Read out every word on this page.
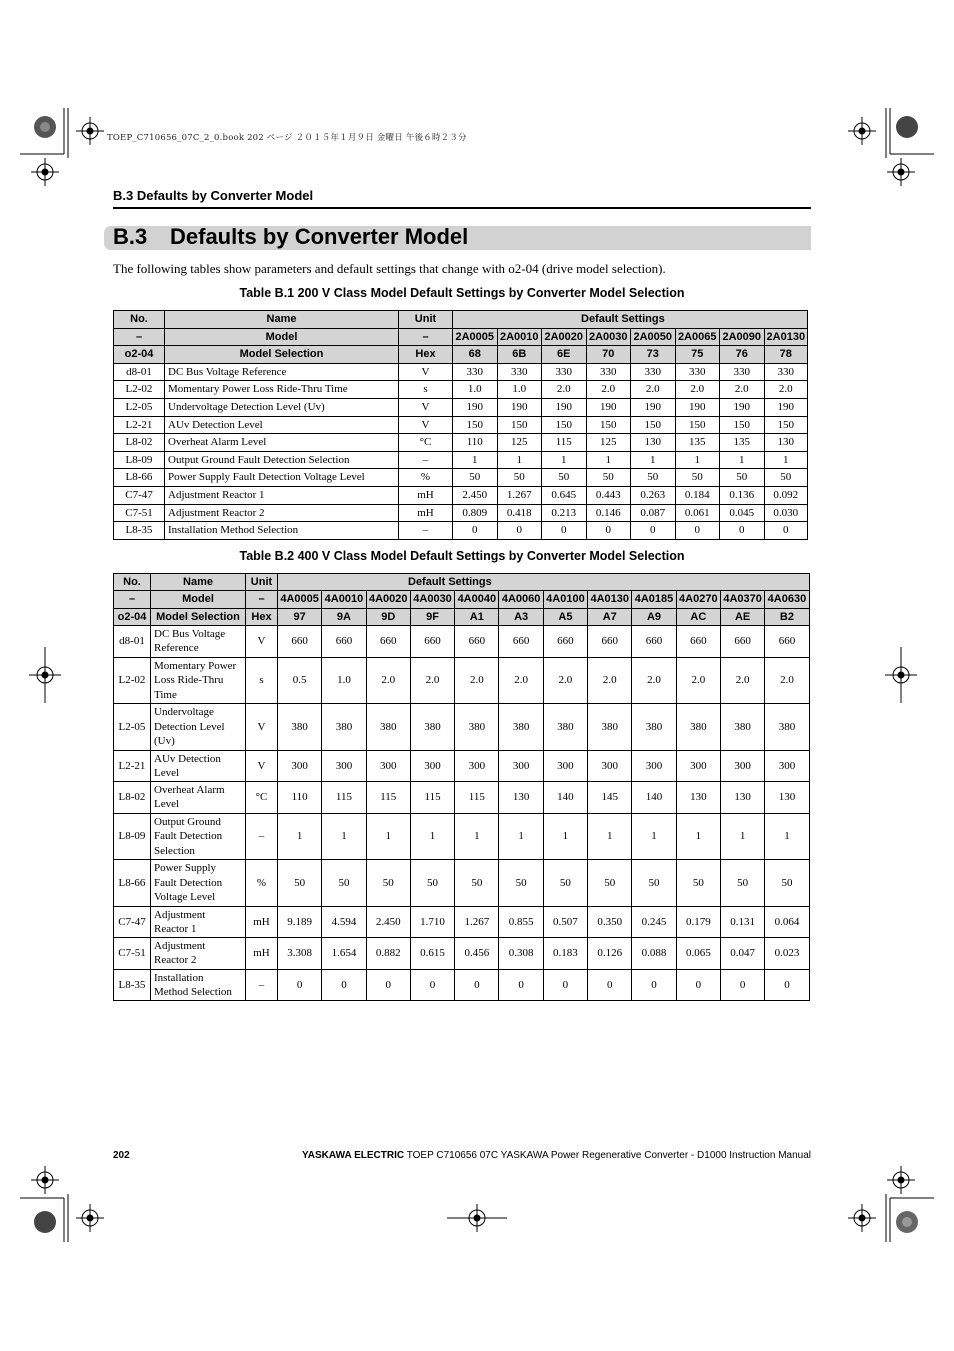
TOEP_C710656_07C_2_0.book 202 ページ ２０１５年１月９日 金曜日 午後６時２３分
B.3 Defaults by Converter Model
B.3 Defaults by Converter Model
The following tables show parameters and default settings that change with o2-04 (drive model selection).
Table B.1 200 V Class Model Default Settings by Converter Model Selection
No.	Name	Unit	Default Settings							
–	Model	–	2A0005	2A0010	2A0020	2A0030	2A0050	2A0065	2A0090	2A0130
o2-04	Model Selection	Hex	68	6B	6E	70	73	75	76	78
d8-01	DC Bus Voltage Reference	V	330	330	330	330	330	330	330	330
L2-02	Momentary Power Loss Ride-Thru Time	s	1.0	1.0	2.0	2.0	2.0	2.0	2.0	2.0
L2-05	Undervoltage Detection Level (Uv)	V	190	190	190	190	190	190	190	190
L2-21	AUv Detection Level	V	150	150	150	150	150	150	150	150
L8-02	Overheat Alarm Level	°C	110	125	115	125	130	135	135	130
L8-09	Output Ground Fault Detection Selection	–	1	1	1	1	1	1	1	1
L8-66	Power Supply Fault Detection Voltage Level	%	50	50	50	50	50	50	50	50
C7-47	Adjustment Reactor 1	mH	2.450	1.267	0.645	0.443	0.263	0.184	0.136	0.092
C7-51	Adjustment Reactor 2	mH	0.809	0.418	0.213	0.146	0.087	0.061	0.045	0.030
L8-35	Installation Method Selection	–	0	0	0	0	0	0	0	0
Table B.2 400 V Class Model Default Settings by Converter Model Selection
No.	Name	Unit	Default Settings											
–	Model	–	4A0005	4A0010	4A0020	4A0030	4A0040	4A0060	4A0100	4A0130	4A0185	4A0270	4A0370	4A0630
o2-04	Model Selection	Hex	97	9A	9D	9F	A1	A3	A5	A7	A9	AC	AE	B2
d8-01	DC Bus Voltage
Reference	V	660	660	660	660	660	660	660	660	660	660	660	660
L2-02	Momentary Power
Loss Ride-Thru
Time	s	0.5	1.0	2.0	2.0	2.0	2.0	2.0	2.0	2.0	2.0	2.0	2.0
L2-05	Undervoltage
Detection Level
(Uv)	V	380	380	380	380	380	380	380	380	380	380	380	380
L2-21	AUv Detection
Level	V	300	300	300	300	300	300	300	300	300	300	300	300
L8-02	Overheat Alarm
Level	°C	110	115	115	115	115	130	140	145	140	130	130	130
L8-09	Output Ground
Fault Detection
Selection	–	1	1	1	1	1	1	1	1	1	1	1	1
L8-66	Power Supply
Fault Detection
Voltage Level	%	50	50	50	50	50	50	50	50	50	50	50	50
C7-47	Adjustment
Reactor 1	mH	9.189	4.594	2.450	1.710	1.267	0.855	0.507	0.350	0.245	0.179	0.131	0.064
C7-51	Adjustment
Reactor 2	mH	3.308	1.654	0.882	0.615	0.456	0.308	0.183	0.126	0.088	0.065	0.047	0.023
L8-35	Installation
Method Selection	–	0	0	0	0	0	0	0	0	0	0	0	0
202	YASKAWA ELECTRIC TOEP C710656 07C YASKAWA Power Regenerative Converter - D1000 Instruction Manual
